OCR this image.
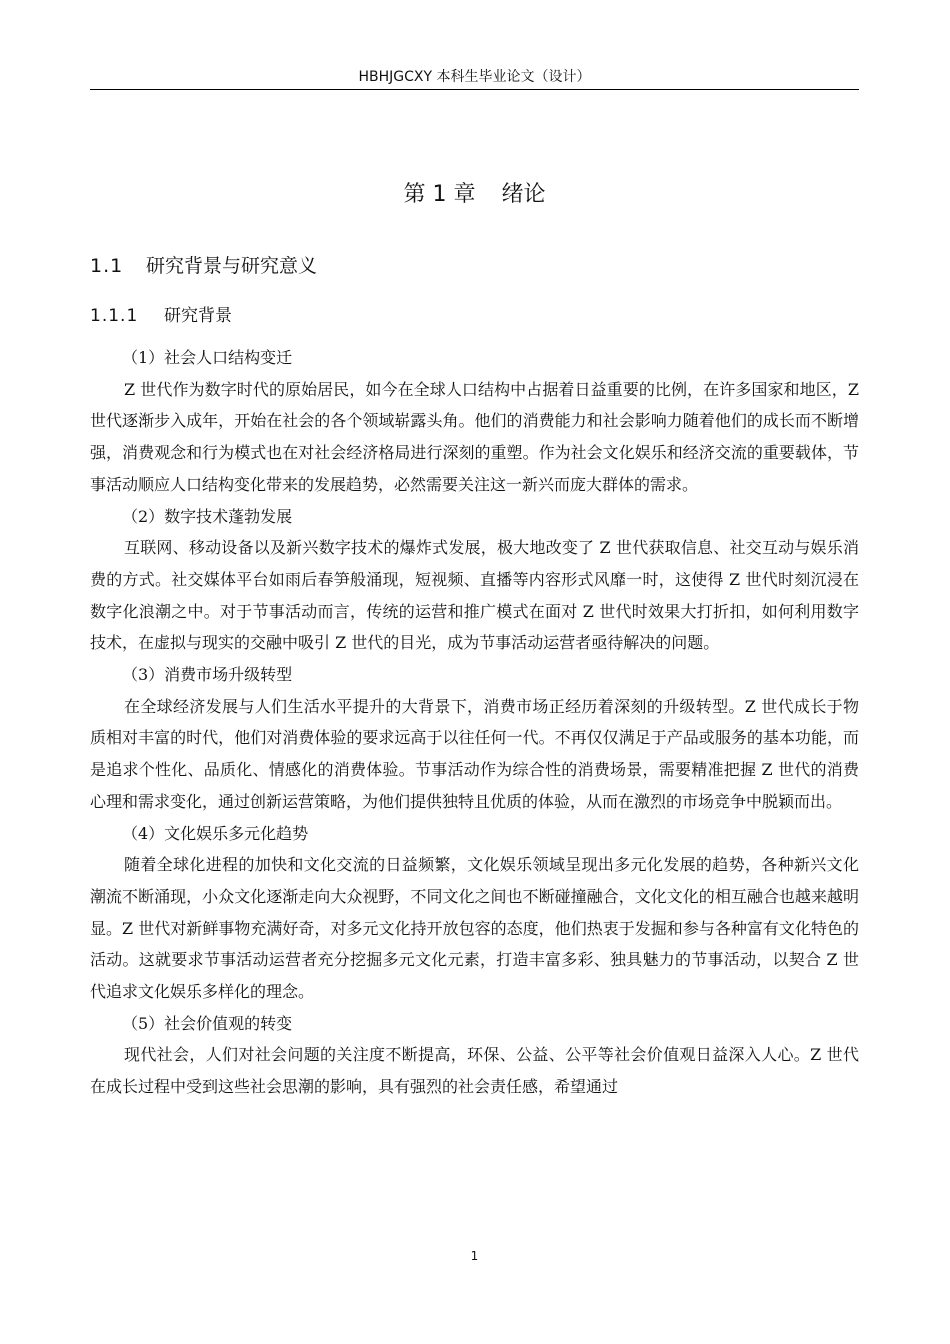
HBHJGCXY 本科生毕业论文（设计）
第 1 章 绪论
1.1 研究背景与研究意义
1.1.1 研究背景

（1）社会人口结构变迁

Z 世代作为数字时代的原始居民，如今在全球人口结构中占据着日益重要的比例，在许多国家和地区，Z 世代逐渐步入成年，开始在社会的各个领域崭露头角。他们的消费能力和社会影响力随着他们的成长而不断增强，消费观念和行为模式也在对社会经济格局进行深刻的重塑。作为社会文化娱乐和经济交流的重要载体，节事活动顺应人口结构变化带来的发展趋势，必然需要关注这一新兴而庞大群体的需求。

（2）数字技术蓬勃发展

互联网、移动设备以及新兴数字技术的爆炸式发展，极大地改变了 Z 世代获取信息、社交互动与娱乐消费的方式。社交媒体平台如雨后春笋般涌现，短视频、直播等内容形式风靡一时，这使得 Z 世代时刻沉浸在数字化浪潮之中。对于节事活动而言，传统的运营和推广模式在面对 Z 世代时效果大打折扣，如何利用数字技术，在虚拟与现实的交融中吸引 Z 世代的目光，成为节事活动运营者亟待解决的问题。

（3）消费市场升级转型

在全球经济发展与人们生活水平提升的大背景下，消费市场正经历着深刻的升级转型。Z 世代成长于物质相对丰富的时代，他们对消费体验的要求远高于以往任何一代。不再仅仅满足于产品或服务的基本功能，而是追求个性化、品质化、情感化的消费体验。节事活动作为综合性的消费场景，需要精准把握 Z 世代的消费心理和需求变化，通过创新运营策略，为他们提供独特且优质的体验，从而在激烈的市场竞争中脱颖而出。

（4）文化娱乐多元化趋势

随着全球化进程的加快和文化交流的日益频繁，文化娱乐领域呈现出多元化发展的趋势，各种新兴文化潮流不断涌现，小众文化逐渐走向大众视野，不同文化之间也不断碰撞融合，文化文化的相互融合也越来越明显。Z 世代对新鲜事物充满好奇，对多元文化持开放包容的态度，他们热衷于发掘和参与各种富有文化特色的活动。这就要求节事活动运营者充分挖掘多元文化元素，打造丰富多彩、独具魅力的节事活动，以契合 Z 世代追求文化娱乐多样化的理念。

（5）社会价值观的转变

现代社会，人们对社会问题的关注度不断提高，环保、公益、公平等社会价值观日益深入人心。Z 世代在成长过程中受到这些社会思潮的影响，具有强烈的社会责任感，希望通过

1
